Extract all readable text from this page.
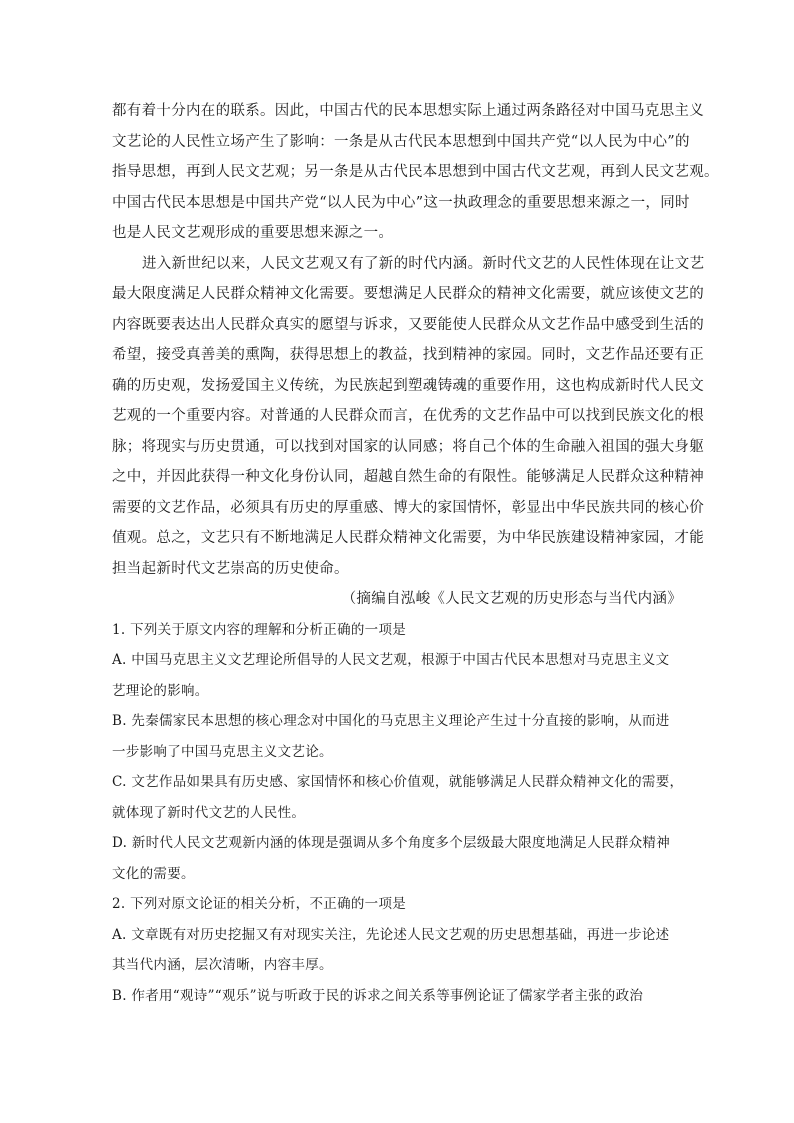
都有着十分内在的联系。因此，中国古代的民本思想实际上通过两条路径对中国马克思主义
文艺论的人民性立场产生了影响：一条是从古代民本思想到中国共产党“以人民为中心”的
指导思想，再到人民文艺观；另一条是从古代民本思想到中国古代文艺观，再到人民文艺观。
中国古代民本思想是中国共产党“以人民为中心”这一执政理念的重要思想来源之一，同时
也是人民文艺观形成的重要思想来源之一。
进入新世纪以来，人民文艺观又有了新的时代内涵。新时代文艺的人民性体现在让文艺
最大限度满足人民群众精神文化需要。要想满足人民群众的精神文化需要，就应该使文艺的
内容既要表达出人民群众真实的愿望与诉求，又要能使人民群众从文艺作品中感受到生活的
希望，接受真善美的熏陶，获得思想上的教益，找到精神的家园。同时，文艺作品还要有正
确的历史观，发扬爱国主义传统，为民族起到塑魂铸魂的重要作用，这也构成新时代人民文
艺观的一个重要内容。对普通的人民群众而言，在优秀的文艺作品中可以找到民族文化的根
脉；将现实与历史贯通，可以找到对国家的认同感；将自己个体的生命融入祖国的强大身躯
之中，并因此获得一种文化身份认同，超越自然生命的有限性。能够满足人民群众这种精神
需要的文艺作品，必须具有历史的厚重感、博大的家国情怀，彰显出中华民族共同的核心价
值观。总之，文艺只有不断地满足人民群众精神文化需要，为中华民族建设精神家园，才能
担当起新时代文艺崇高的历史使命。
（摘编自泓峻《人民文艺观的历史形态与当代内涵》
1. 下列关于原文内容的理解和分析正确的一项是
A. 中国马克思主义文艺理论所倡导的人民文艺观，根源于中国古代民本思想对马克思主义文
艺理论的影响。
B. 先秦儒家民本思想的核心理念对中国化的马克思主义理论产生过十分直接的影响，从而进
一步影响了中国马克思主义文艺论。
C. 文艺作品如果具有历史感、家国情怀和核心价值观，就能够满足人民群众精神文化的需要，
就体现了新时代文艺的人民性。
D. 新时代人民文艺观新内涵的体现是强调从多个角度多个层级最大限度地满足人民群众精神
文化的需要。
2. 下列对原文论证的相关分析，不正确的一项是
A. 文章既有对历史挖掘又有对现实关注，先论述人民文艺观的历史思想基础，再进一步论述
其当代内涵，层次清晰，内容丰厚。
B. 作者用“观诗”“观乐”说与听政于民的诉求之间关系等事例论证了儒家学者主张的政治
